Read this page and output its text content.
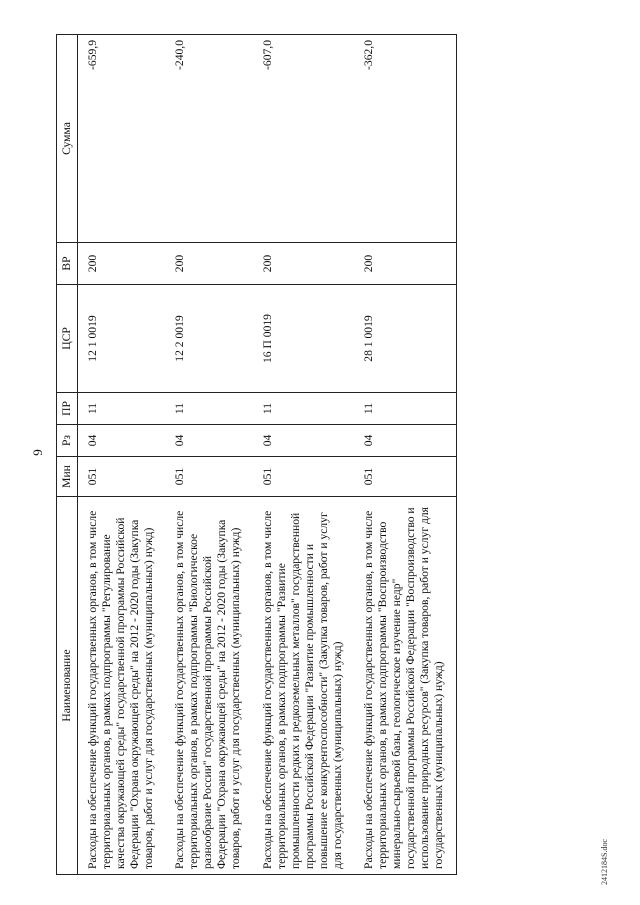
9
Наименование	Мин	Рз	ПР	ЦСР	ВР	Сумма
Расходы на обеспечение функций государственных органов, в том числе территориальных органов, в рамках подпрограммы "Регулирование качества окружающей среды" государственной программы Российской Федерации "Охрана окружающей среды" на 2012 - 2020 годы (Закупка товаров, работ и услуг для государственных (муниципальных) нужд)	051	04	11	12 1 0019	200	-659,9
Расходы на обеспечение функций государственных органов, в том числе территориальных органов, в рамках подпрограммы "Биологическое разнообразие России" государственной программы Российской Федерации "Охрана окружающей среды" на 2012 - 2020 годы (Закупка товаров, работ и услуг для государственных (муниципальных) нужд)	051	04	11	12 2 0019	200	-240,0
Расходы на обеспечение функций государственных органов, в том числе территориальных органов, в рамках подпрограммы "Развитие промышленности редких и редкоземельных металлов" государственной программы Российской Федерации "Развитие промышленности и повышение ее конкурентоспособности" (Закупка товаров, работ и услуг для государственных (муниципальных) нужд)	051	04	11	16 П 0019	200	-607,0
Расходы на обеспечение функций государственных органов, в том числе территориальных органов, в рамках подпрограммы "Воспроизводство минерально-сырьевой базы, геологическое изучение недр" государственной программы Российской Федерации "Воспроизводство и использование природных ресурсов" (Закупка товаров, работ и услуг для государственных (муниципальных) нужд)	051	04	11	28 1 0019	200	-362,0
2412184S.doc
